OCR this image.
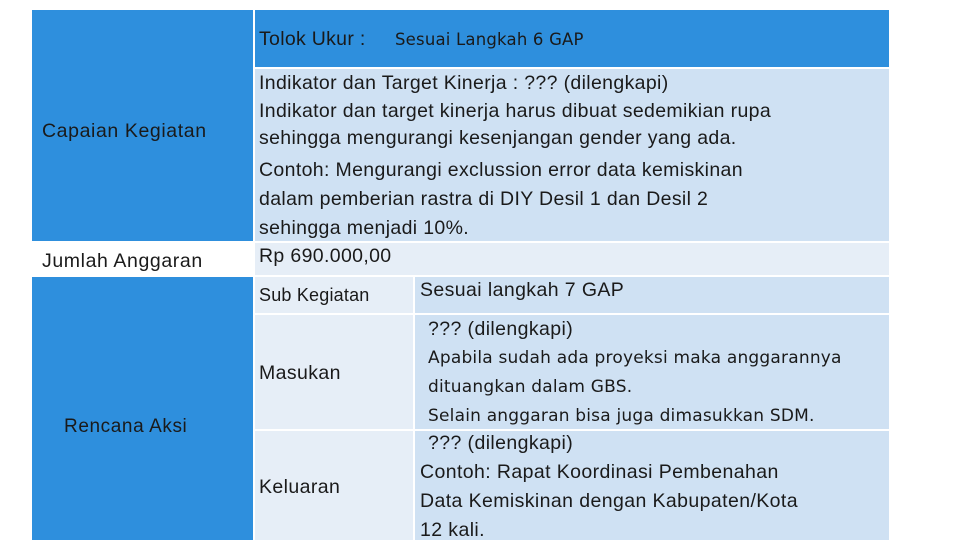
Tolok Ukur : Sesuai Langkah 6 GAP
Indikator dan Target Kinerja : ??? (dilengkapi)
Indikator dan target kinerja harus dibuat sedemikian rupa
sehingga mengurangi kesenjangan gender yang ada.
Contoh: Mengurangi exclussion error data kemiskinan
dalam pemberian rastra di DIY Desil 1 dan Desil 2
sehingga menjadi 10%.
Capaian Kegiatan
Rp 690.000,00
Jumlah Anggaran
Sub Kegiatan	Sesuai langkah 7 GAP
Rencana Aksi
Masukan
??? (dilengkapi)
Apabila sudah ada proyeksi maka anggarannya
dituangkan dalam GBS.
Selain anggaran bisa juga dimasukkan SDM.
Keluaran
??? (dilengkapi)
Contoh: Rapat Koordinasi Pembenahan
Data Kemiskinan dengan Kabupaten/Kota
12 kali.
